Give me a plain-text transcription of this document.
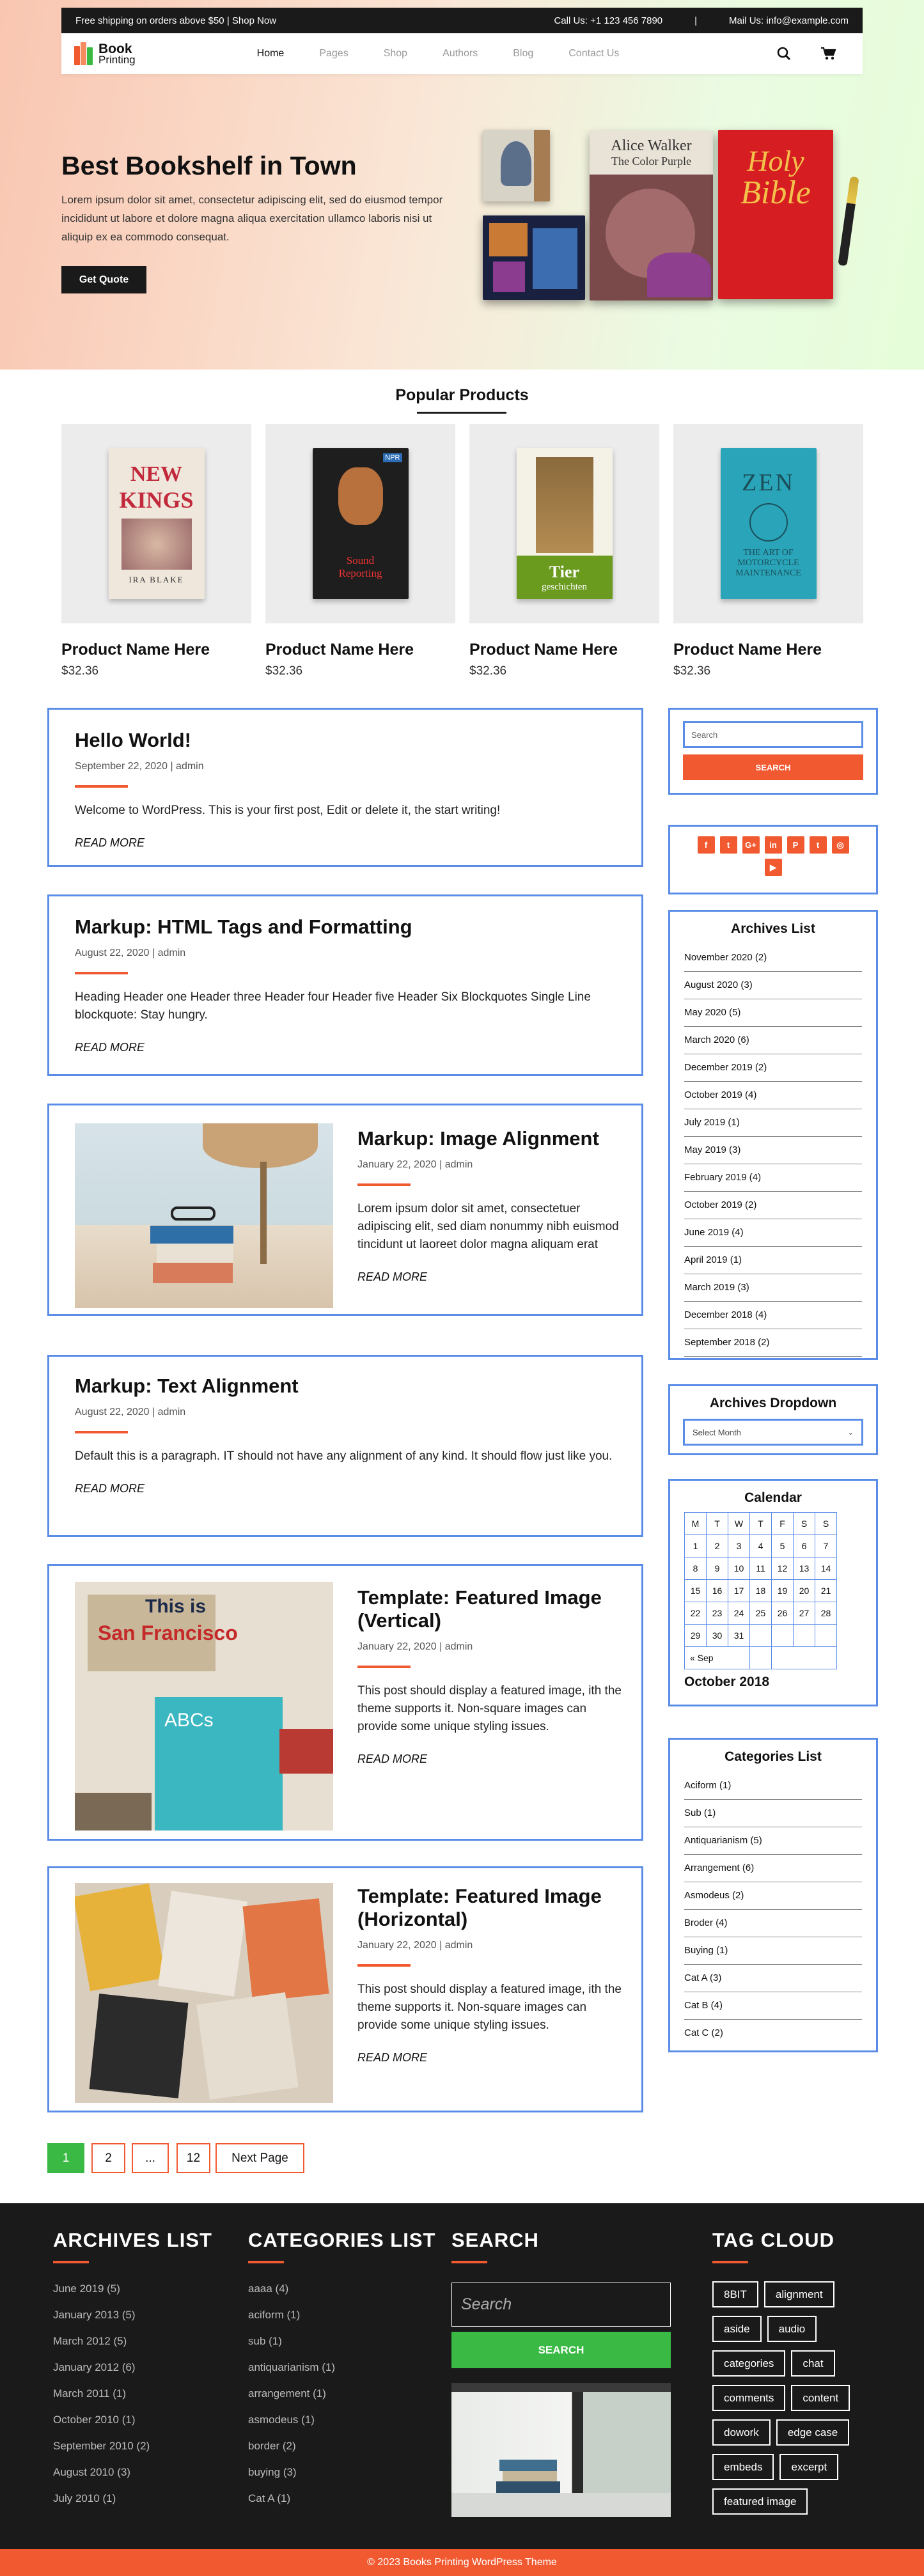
Free shipping on orders above $50 | Shop Now	Call Us: +1 123 456 7890	|	Mail Us: info@example.com
Book
Printing
Home	Pages	Shop	Authors	Blog	Contact Us
Best Bookshelf in Town

Lorem ipsum dolor sit amet, consectetur adipiscing elit, sed do eiusmod tempor incididunt ut labore et dolore magna aliqua exercitation ullamco laboris nisi ut aliquip ex ea commodo consequat.

Get Quote
Alice Walker
The Color Purple	Holy
Bible
Popular Products
NEW
KINGS
IRA BLAKE
Product Name Here
$32.36
NPR
Sound
Reporting
Product Name Here
$32.36
Tier
geschichten
Product Name Here
$32.36
ZEN
THE ART OF
MOTORCYCLE MAINTENANCE
Product Name Here
$32.36
Hello World!
September 22, 2020 | admin
Welcome to WordPress. This is your first post, Edit or delete it, the start writing!
READ MORE
Markup: HTML Tags and Formatting
August 22, 2020 | admin
Heading Header one Header three Header four Header five Header Six Blockquotes Single Line blockquote: Stay hungry.
READ MORE
Markup: Image Alignment
January 22, 2020 | admin
Lorem ipsum dolor sit amet, consectetuer adipiscing elit, sed diam nonummy nibh euismod tincidunt ut laoreet dolor magna aliquam erat
READ MORE
Markup: Text Alignment
August 22, 2020 | admin
Default this is a paragraph. IT should not have any alignment of any kind. It should flow just like you.
READ MORE
This is
San Francisco
ABCs
Template: Featured Image (Vertical)
January 22, 2020 | admin
This post should display a featured image, ith the theme supports it. Non-square images can provide some unique styling issues.
READ MORE
Template: Featured Image (Horizontal)
January 22, 2020 | admin
This post should display a featured image, ith the theme supports it. Non-square images can provide some unique styling issues.
READ MORE
Search
SEARCH
f	t	G+	in	P	t	◎
▶
Archives List
November 2020 (2)
August 2020 (3)
May 2020 (5)
March 2020 (6)
December 2019 (2)
October 2019 (4)
July 2019 (1)
May 2019 (3)
February 2019 (4)
October 2019 (2)
June 2019 (4)
April 2019 (1)
March 2019 (3)
December 2018 (4)
September 2018 (2)
Archives Dropdown
Select Month	⌄
Calendar
M	T	W	T	F	S	S
1	2	3	4	5	6	7
8	9	10	11	12	13	14
15	16	17	18	19	20	21
22	23	24	25	26	27	28
29	30	31				
« Sep						
October 2018
Categories List
Aciform (1)
Sub (1)
Antiquarianism (5)
Arrangement (6)
Asmodeus (2)
Broder (4)
Buying (1)
Cat A (3)
Cat B (4)
Cat C (2)
1	2	...	12	Next Page
ARCHIVES LIST
June 2019 (5)
January 2013 (5)
March 2012 (5)
January 2012 (6)
March 2011 (1)
October 2010 (1)
September 2010 (2)
August 2010 (3)
July 2010 (1)
CATEGORIES LIST
aaaa (4)
aciform (1)
sub (1)
antiquarianism (1)
arrangement (1)
asmodeus (1)
border (2)
buying (3)
Cat A (1)
SEARCH
Search
SEARCH
TAG CLOUD
8BIT	alignment aside	audio categories	chat comments	content dowork	edge case embeds	excerpt featured image
© 2023 Books Printing WordPress Theme
